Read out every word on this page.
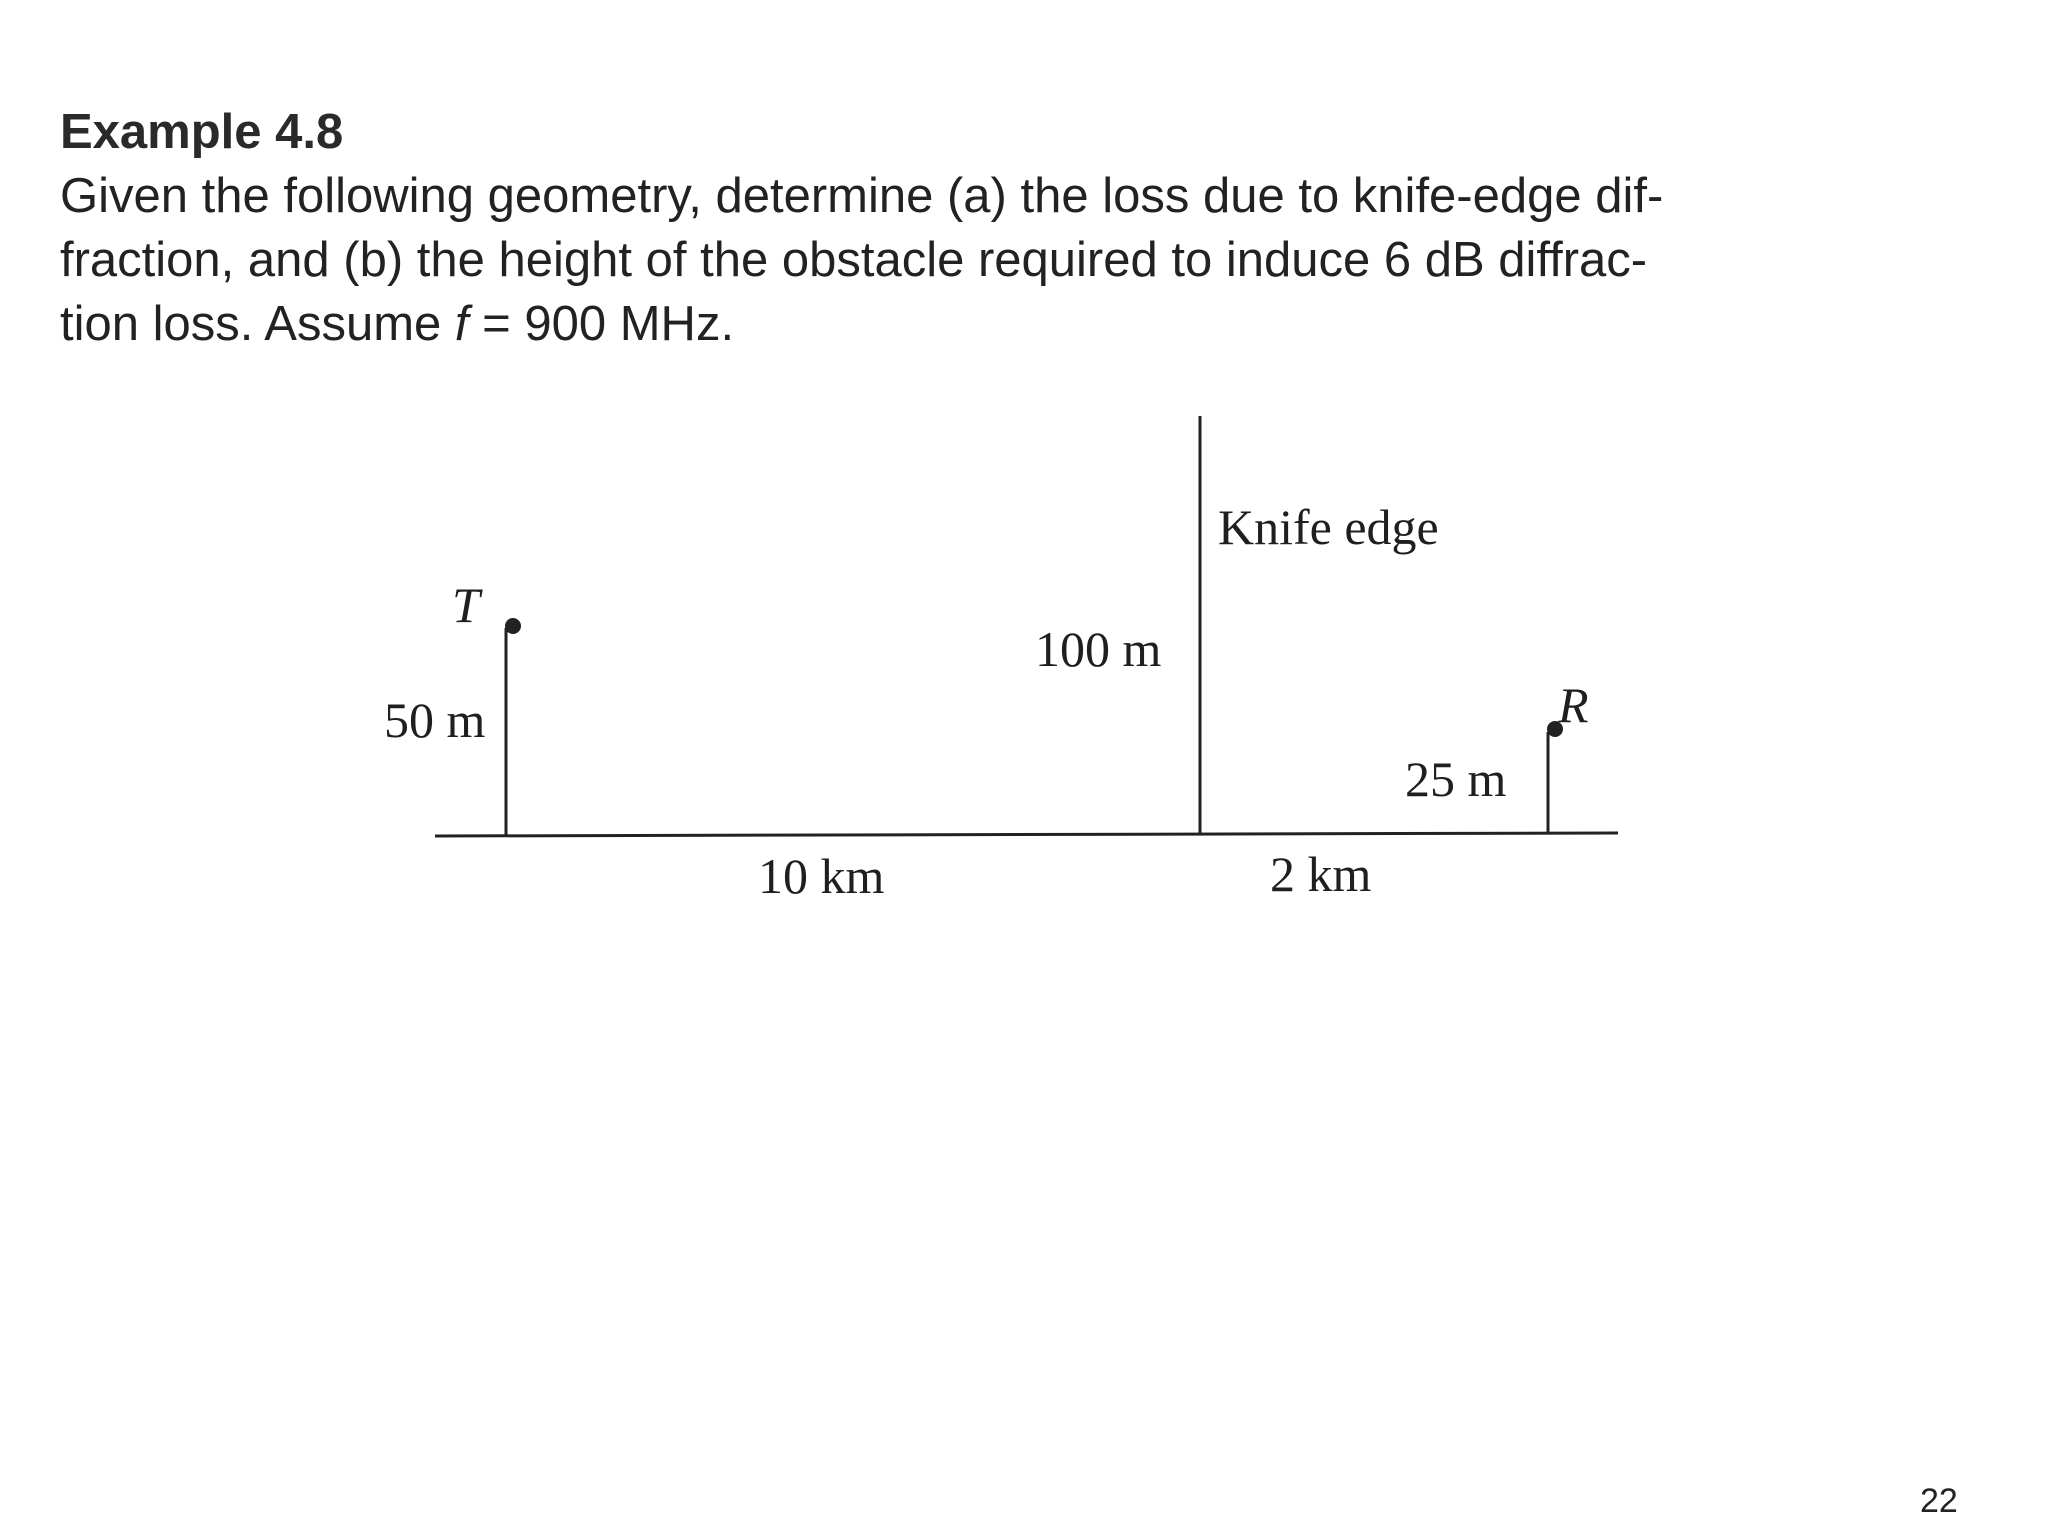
Example 4.8
Given the following geometry, determine (a) the loss due to knife-edge dif-
fraction, and (b) the height of the obstacle required to induce 6 dB diffrac-
tion loss. Assume f = 900 MHz.
T
50 m
Knife edge
100 m
R
25 m
10 km	2 km
22
